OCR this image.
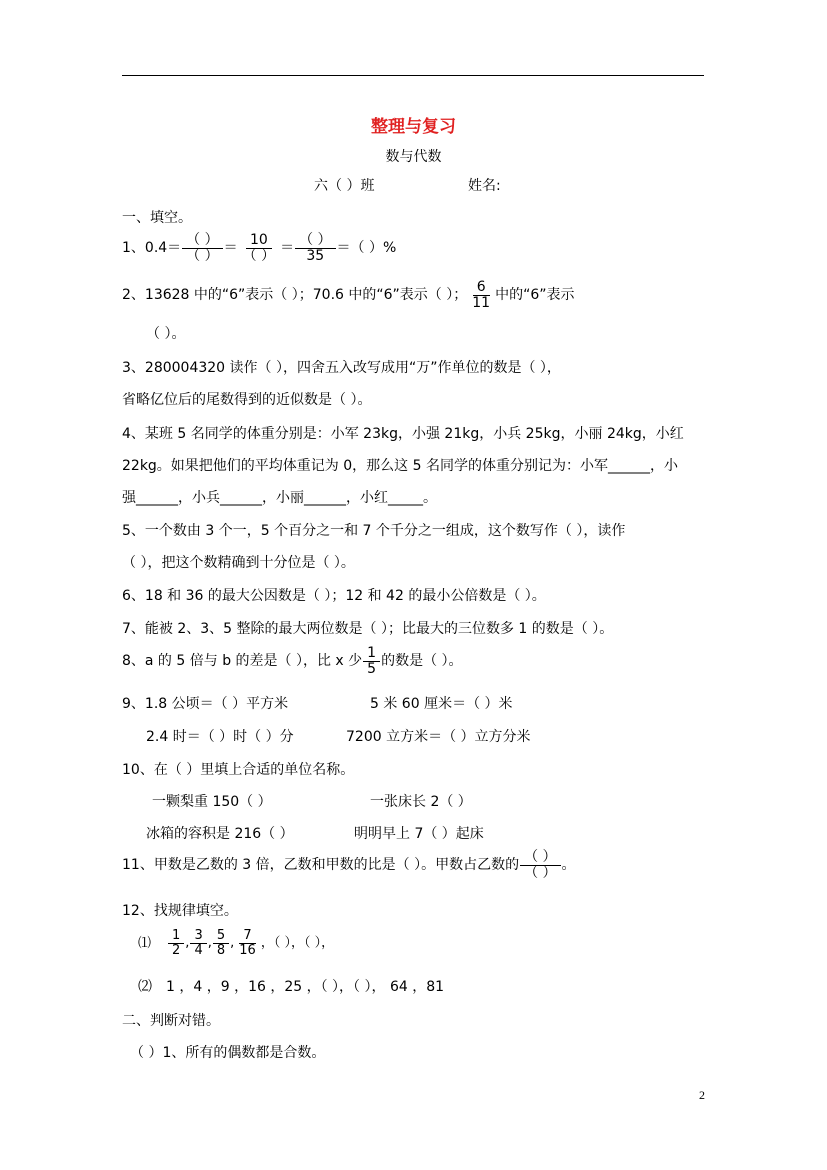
整理与复习
数与代数
六（ ）班	姓名:
一、填空。
1、$0.4= \frac{( )}{( )} = \frac{10}{( )} = \frac{( )}{35}$ ＝（ ）%
2、13628 中的“6”表示（ ）；70.6 中的“6”表示（ ）； $\frac{6}{11}$ 中的“6”表示
（ ）。
3、280004320 读作（ ），四舍五入改写成用“万”作单位的数是（ ），
省略亿位后的尾数得到的近似数是（ ）。
4、某班 5 名同学的体重分别是：小军 23kg，小强 21kg，小兵 25kg，小丽 24kg，小红
22kg。如果把他们的平均体重记为 0，那么这 5 名同学的体重分别记为：小军______，小
强______，小兵______，小丽______，小红_____。
5、一个数由 3 个一，5 个百分之一和 7 个千分之一组成，这个数写作（ ），读作
（ ），把这个数精确到十分位是（ ）。
6、18 和 36 的最大公因数是（ ）；12 和 42 的最小公倍数是（ ）。
7、能被 2、3、5 整除的最大两位数是（ ）；比最大的三位数多 1 的数是（ ）。
8、a 的 5 倍与 b 的差是（ ），比 x 少 $\frac{1}{5}$ 的数是（ ）。
9、1.8 公顷＝（ ）平方米	5 米 60 厘米＝（ ）米
2.4 时＝（ ）时（ ）分	7200 立方米＝（ ）立方分米
10、在（ ）里填上合适的单位名称。
一颗梨重 150（ ）	一张床长 2（ ）
冰箱的容积是 216（ ）	明明早上 7（ ）起床
11、甲数是乙数的 3 倍，乙数和甲数的比是（ ）。甲数占乙数的 $\frac{( )}{( )}$ 。
12、找规律填空。
⑴ $\frac{1}{2}$ , $\frac{3}{4}$ , $\frac{5}{8}$ , $\frac{7}{16}$ ，（ ），（ ），
⑵ 1 ，4 ，9 ，16 ，25 ，（ ），（ ）， 64 ，81
二、判断对错。
（ ）1、所有的偶数都是合数。
2
